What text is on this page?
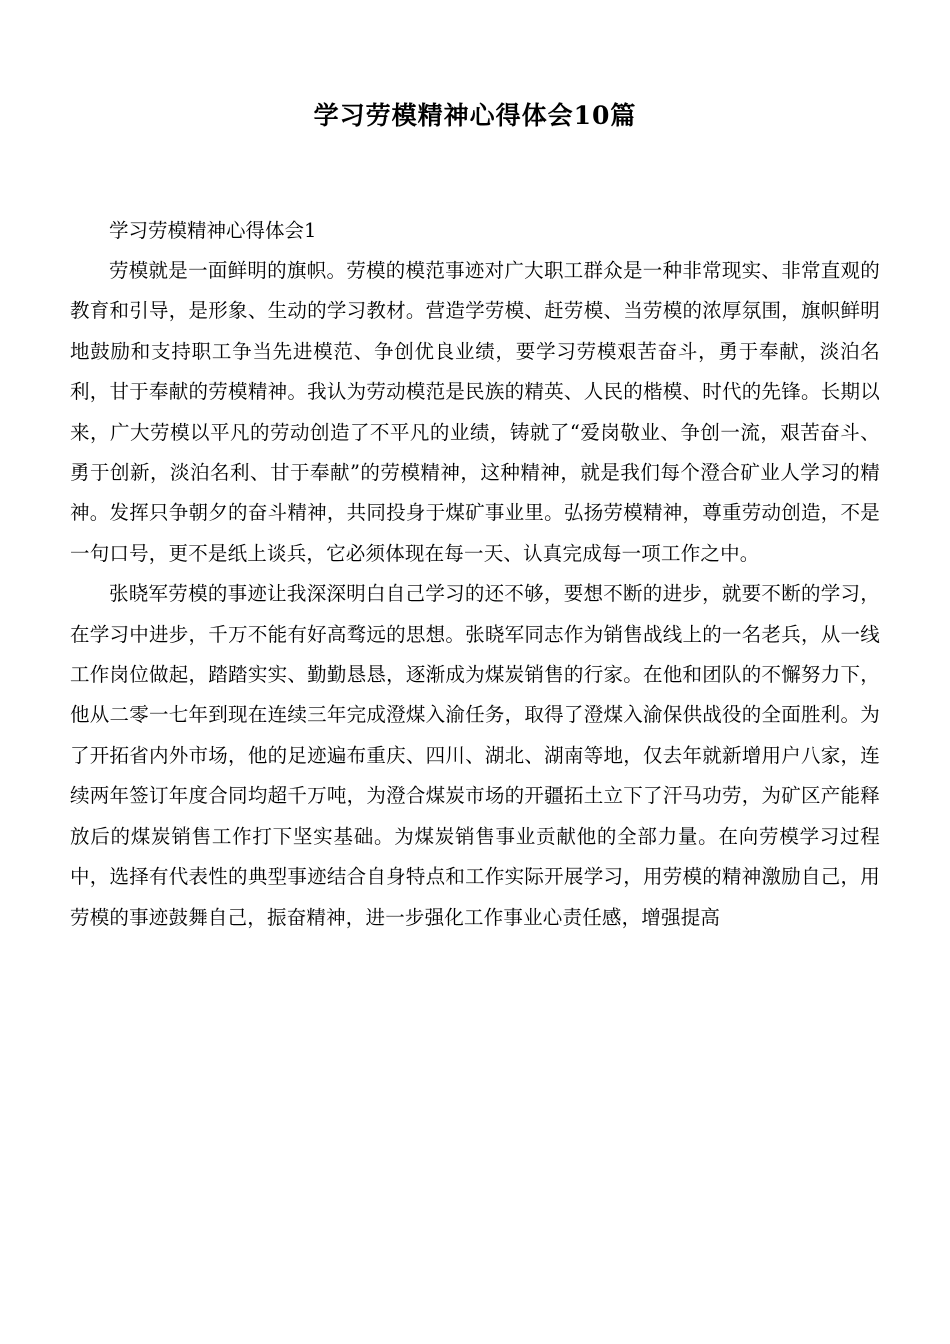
学习劳模精神心得体会10篇

学习劳模精神心得体会1

劳模就是一面鲜明的旗帜。劳模的模范事迹对广大职工群众是一种非常现实、非常直观的教育和引导，是形象、生动的学习教材。营造学劳模、赶劳模、当劳模的浓厚氛围，旗帜鲜明地鼓励和支持职工争当先进模范、争创优良业绩，要学习劳模艰苦奋斗，勇于奉献，淡泊名利，甘于奉献的劳模精神。我认为劳动模范是民族的精英、人民的楷模、时代的先锋。长期以来，广大劳模以平凡的劳动创造了不平凡的业绩，铸就了“爱岗敬业、争创一流，艰苦奋斗、勇于创新，淡泊名利、甘于奉献”的劳模精神，这种精神，就是我们每个澄合矿业人学习的精神。发挥只争朝夕的奋斗精神，共同投身于煤矿事业里。弘扬劳模精神，尊重劳动创造，不是一句口号，更不是纸上谈兵，它必须体现在每一天、认真完成每一项工作之中。

张晓军劳模的事迹让我深深明白自己学习的还不够，要想不断的进步，就要不断的学习，在学习中进步，千万不能有好高骛远的思想。张晓军同志作为销售战线上的一名老兵，从一线工作岗位做起，踏踏实实、勤勤恳恳，逐渐成为煤炭销售的行家。在他和团队的不懈努力下，他从二零一七年到现在连续三年完成澄煤入渝任务，取得了澄煤入渝保供战役的全面胜利。为了开拓省内外市场，他的足迹遍布重庆、四川、湖北、湖南等地，仅去年就新增用户八家，连续两年签订年度合同均超千万吨，为澄合煤炭市场的开疆拓土立下了汗马功劳，为矿区产能释放后的煤炭销售工作打下坚实基础。为煤炭销售事业贡献他的全部力量。在向劳模学习过程中，选择有代表性的典型事迹结合自身特点和工作实际开展学习，用劳模的精神激励自己，用劳模的事迹鼓舞自己，振奋精神，进一步强化工作事业心责任感，增强提高
